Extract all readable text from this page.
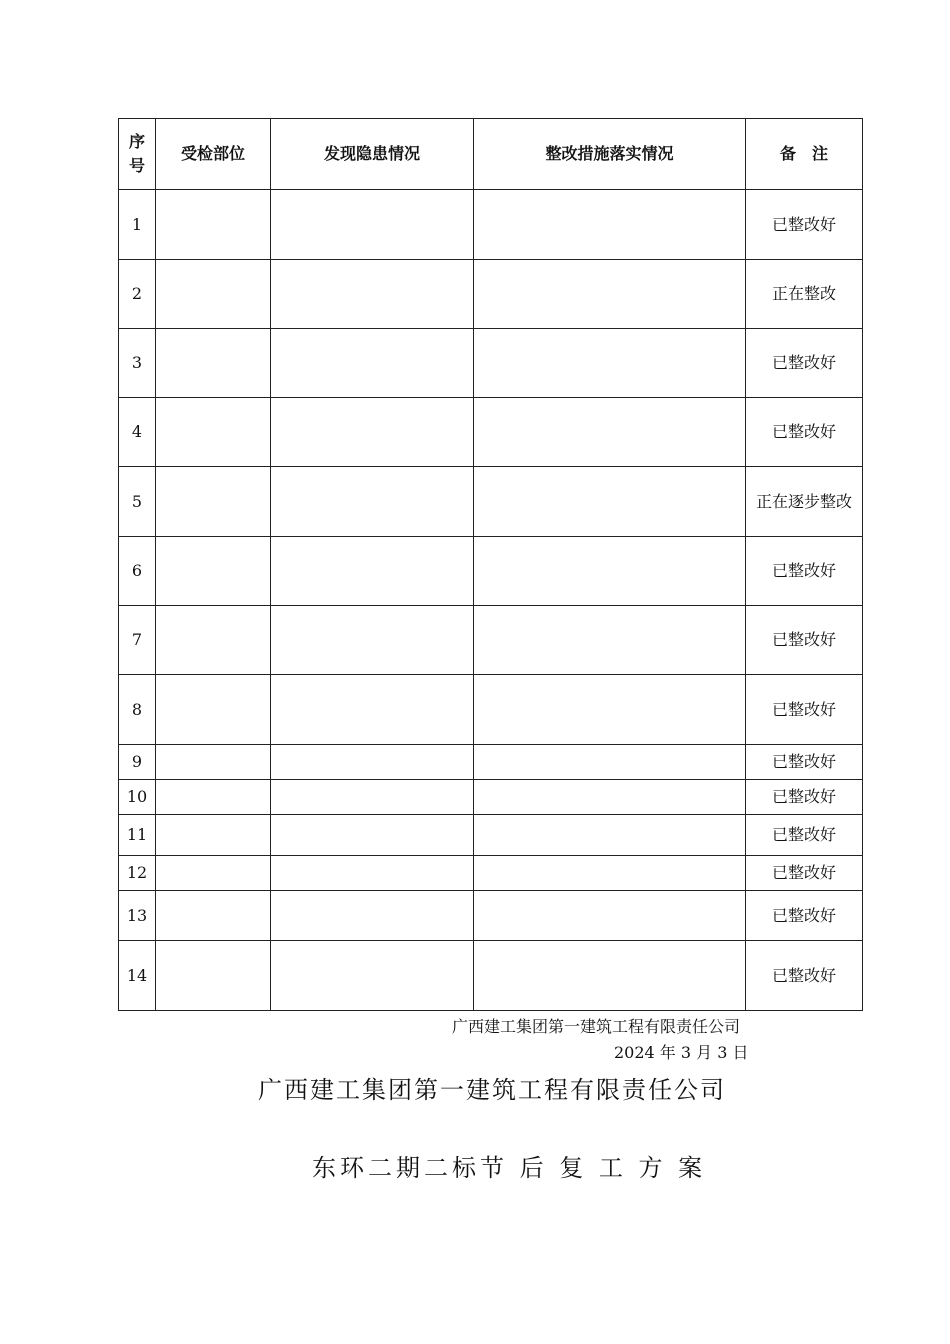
序
号	受检部位	发现隐患情况	整改措施落实情况	备　注
1				已整改好
2				正在整改
3				已整改好
4				已整改好
5				正在逐步整改
6				已整改好
7				已整改好
8				已整改好
9				已整改好
10				已整改好
11				已整改好
12				已整改好
13				已整改好
14				已整改好
广西建工集团第一建筑工程有限责任公司
2024 年 3 月 3 日
广西建工集团第一建筑工程有限责任公司
东环二期二标节 后 复 工 方 案
